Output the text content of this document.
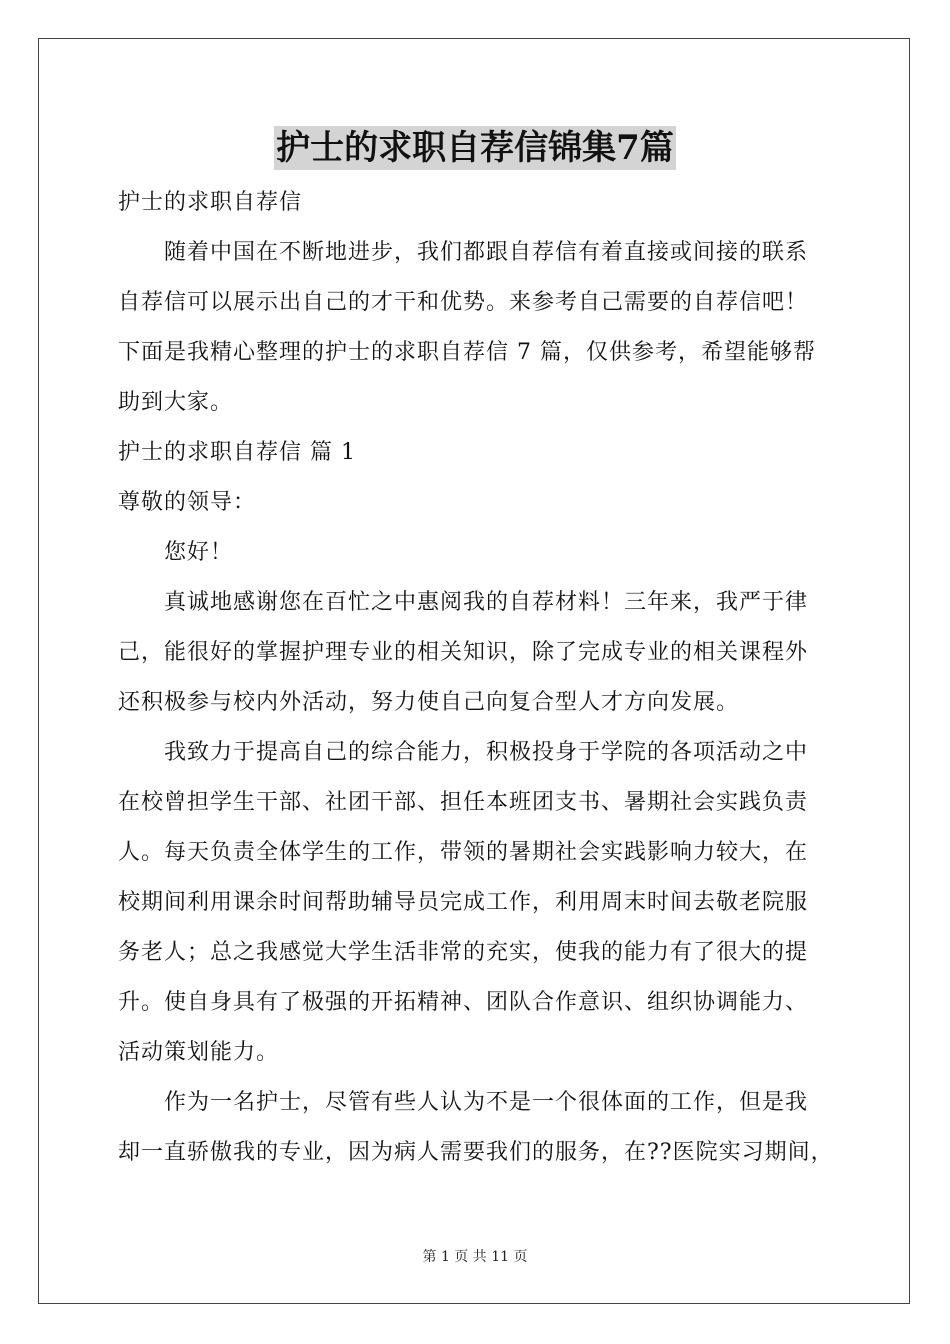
护士的求职自荐信锦集7篇
护士的求职自荐信
随着中国在不断地进步，我们都跟自荐信有着直接或间接的联系
自荐信可以展示出自己的才干和优势。来参考自己需要的自荐信吧！
下面是我精心整理的护士的求职自荐信 7 篇，仅供参考，希望能够帮
助到大家。
护士的求职自荐信 篇 1
尊敬的领导：
您好！
真诚地感谢您在百忙之中惠阅我的自荐材料！三年来，我严于律
己，能很好的掌握护理专业的相关知识，除了完成专业的相关课程外
还积极参与校内外活动，努力使自己向复合型人才方向发展。
我致力于提高自己的综合能力，积极投身于学院的各项活动之中
在校曾担学生干部、社团干部、担任本班团支书、暑期社会实践负责
人。每天负责全体学生的工作，带领的暑期社会实践影响力较大，在
校期间利用课余时间帮助辅导员完成工作，利用周末时间去敬老院服
务老人；总之我感觉大学生活非常的充实，使我的能力有了很大的提
升。使自身具有了极强的开拓精神、团队合作意识、组织协调能力、
活动策划能力。
作为一名护士，尽管有些人认为不是一个很体面的工作，但是我
却一直骄傲我的专业，因为病人需要我们的服务，在??医院实习期间，
第 1 页 共 11 页
